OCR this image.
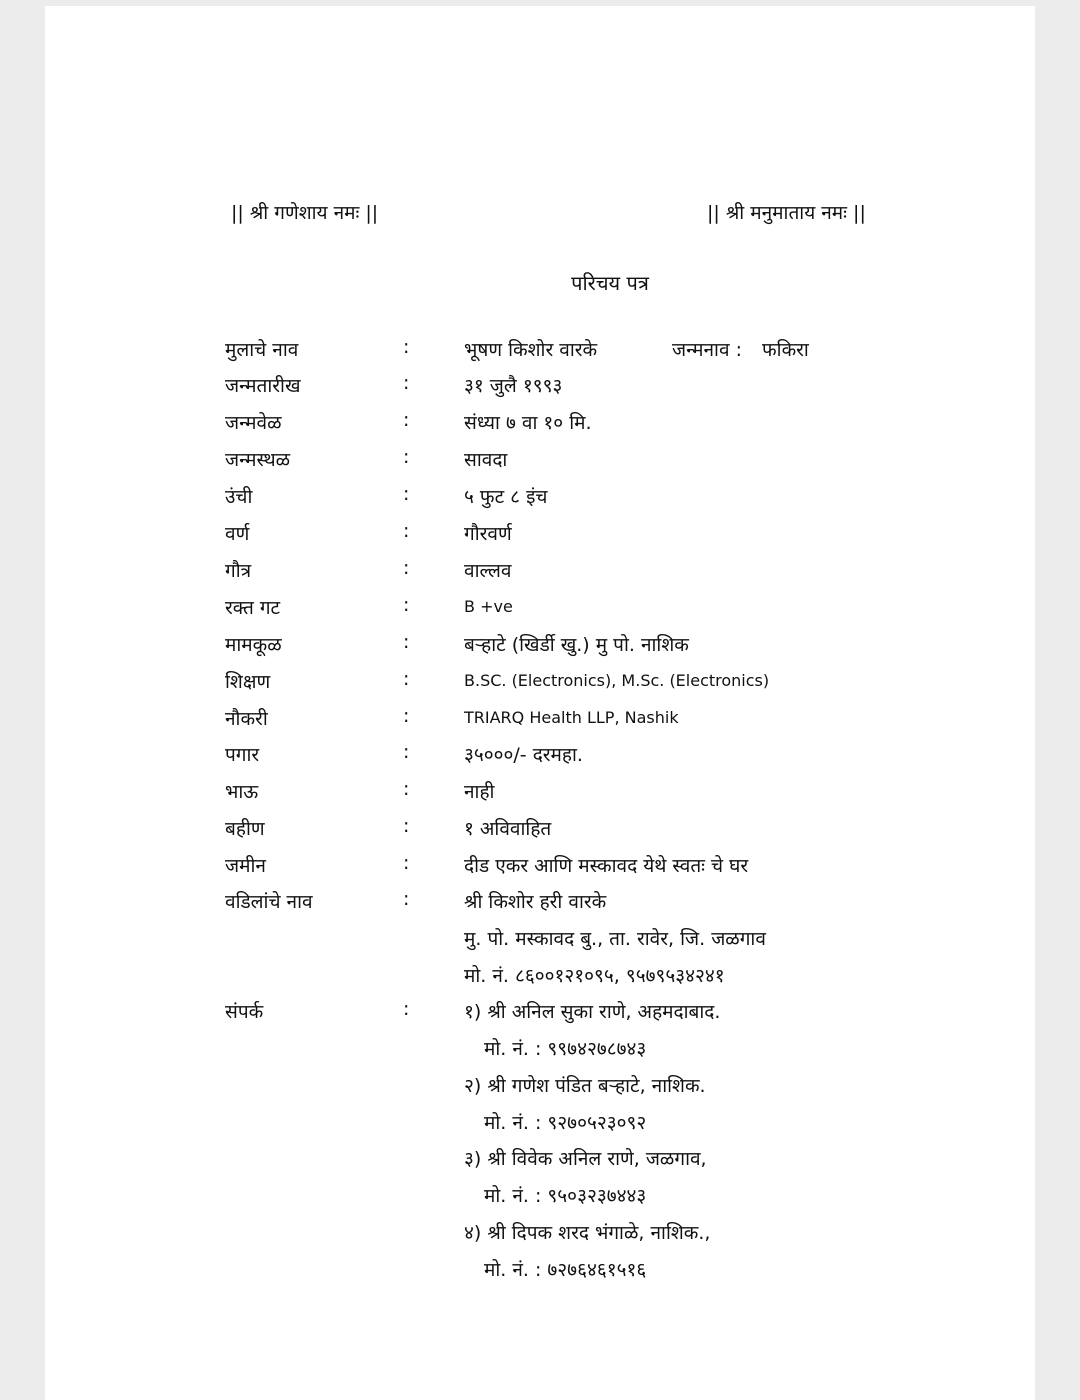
|| श्री गणेशाय नमः ||	|| श्री मनुमाताय नमः ||
परिचय पत्र
मुलाचे नाव	:	भूषण किशोर वारके	जन्मनाव : फकिरा
जन्मतारीख	:	३१ जुलै १९९३
जन्मवेळ	:	संध्या ७ वा १० मि.
जन्मस्थळ	:	सावदा
उंची	:	५ फुट ८ इंच
वर्ण	:	गौरवर्ण
गौत्र	:	वाल्लव
रक्त गट	:	B +ve
मामकूळ	:	बऱ्हाटे (खिर्डी खु.) मु पो. नाशिक
शिक्षण	:	B.SC. (Electronics), M.Sc. (Electronics)
नौकरी	:	TRIARQ Health LLP, Nashik
पगार	:	३५०००/- दरमहा.
भाऊ	:	नाही
बहीण	:	१ अविवाहित
जमीन	:	दीड एकर आणि मस्कावद येथे स्वतः चे घर
वडिलांचे नाव	:	श्री किशोर हरी वारके
मु. पो. मस्कावद बु., ता. रावेर, जि. जळगाव
मो. नं. ८६००१२१०९५, ९५७९५३४२४१
संपर्क	:	१) श्री अनिल सुका राणे, अहमदाबाद.
मो. नं. : ९९७४२७८७४३
२) श्री गणेश पंडित बऱ्हाटे, नाशिक.
मो. नं. : ९२७०५२३०९२
३) श्री विवेक अनिल राणे, जळगाव,
मो. नं. : ९५०३२३७४४३
४) श्री दिपक शरद भंगाळे, नाशिक.,
मो. नं. : ७२७६४६१५१६
